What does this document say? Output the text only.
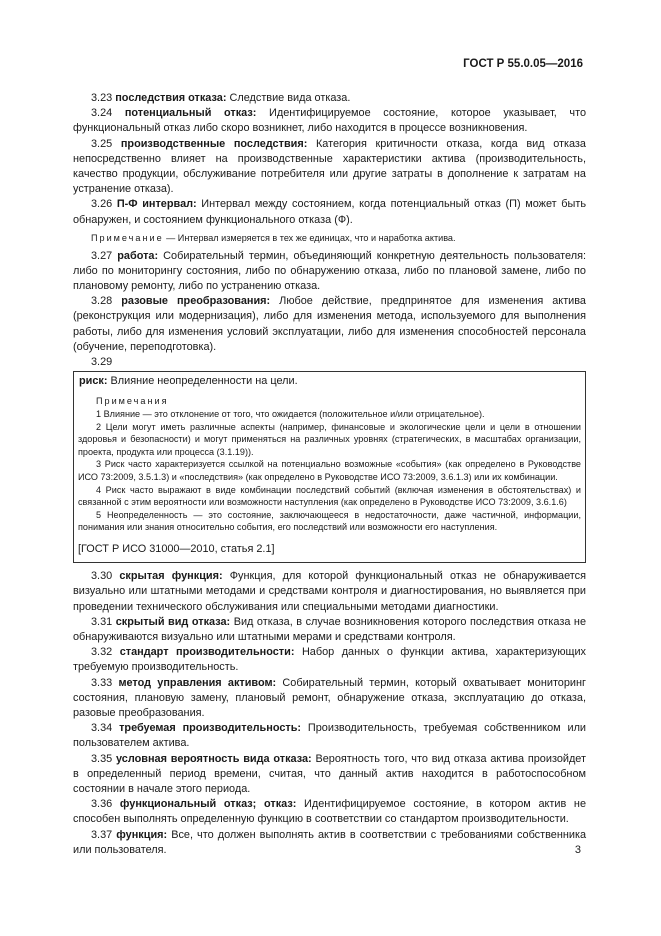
ГОСТ Р 55.0.05—2016

3.23 последствия отказа: Следствие вида отказа.

3.24 потенциальный отказ: Идентифицируемое состояние, которое указывает, что функциональный отказ либо скоро возникнет, либо находится в процессе возникновения.

3.25 производственные последствия: Категория критичности отказа, когда вид отказа непосредственно влияет на производственные характеристики актива (производительность, качество продукции, обслуживание потребителя или другие затраты в дополнение к затратам на устранение отказа).

3.26 П-Ф интервал: Интервал между состоянием, когда потенциальный отказ (П) может быть обнаружен, и состоянием функционального отказа (Ф).

Примечание — Интервал измеряется в тех же единицах, что и наработка актива.

3.27 работа: Собирательный термин, объединяющий конкретную деятельность пользователя: либо по мониторингу состояния, либо по обнаружению отказа, либо по плановой замене, либо по плановому ремонту, либо по устранению отказа.

3.28 разовые преобразования: Любое действие, предпринятое для изменения актива (реконструкция или модернизация), либо для изменения метода, используемого для выполнения работы, либо для изменения условий эксплуатации, либо для изменения способностей персонала (обучение, переподготовка).

3.29

риск: Влияние неопределенности на цели.

Примечания

1 Влияние — это отклонение от того, что ожидается (положительное и/или отрицательное).

2 Цели могут иметь различные аспекты (например, финансовые и экологические цели и цели в отношении здоровья и безопасности) и могут применяться на различных уровнях (стратегических, в масштабах организации, проекта, продукта или процесса (3.1.19)).

3 Риск часто характеризуется ссылкой на потенциально возможные «события» (как определено в Руководстве ИСО 73:2009, 3.5.1.3) и «последствия» (как определено в Руководстве ИСО 73:2009, 3.6.1.3) или их комбинации.

4 Риск часто выражают в виде комбинации последствий событий (включая изменения в обстоятельствах) и связанной с этим вероятности или возможности наступления (как определено в Руководстве ИСО 73:2009, 3.6.1.6)

5 Неопределенность — это состояние, заключающееся в недостаточности, даже частичной, информации, понимания или знания относительно события, его последствий или возможности его наступления.

[ГОСТ Р ИСО 31000—2010, статья 2.1]

3.30 скрытая функция: Функция, для которой функциональный отказ не обнаруживается визуально или штатными методами и средствами контроля и диагностирования, но выявляется при проведении технического обслуживания или специальными методами диагностики.

3.31 скрытый вид отказа: Вид отказа, в случае возникновения которого последствия отказа не обнаруживаются визуально или штатными мерами и средствами контроля.

3.32 стандарт производительности: Набор данных о функции актива, характеризующих требуемую производительность.

3.33 метод управления активом: Собирательный термин, который охватывает мониторинг состояния, плановую замену, плановый ремонт, обнаружение отказа, эксплуатацию до отказа, разовые преобразования.

3.34 требуемая производительность: Производительность, требуемая собственником или пользователем актива.

3.35 условная вероятность вида отказа: Вероятность того, что вид отказа актива произойдет в определенный период времени, считая, что данный актив находится в работоспособном состоянии в начале этого периода.

3.36 функциональный отказ; отказ: Идентифицируемое состояние, в котором актив не способен выполнять определенную функцию в соответствии со стандартом производительности.

3.37 функция: Все, что должен выполнять актив в соответствии с требованиями собственника или пользователя.	3
